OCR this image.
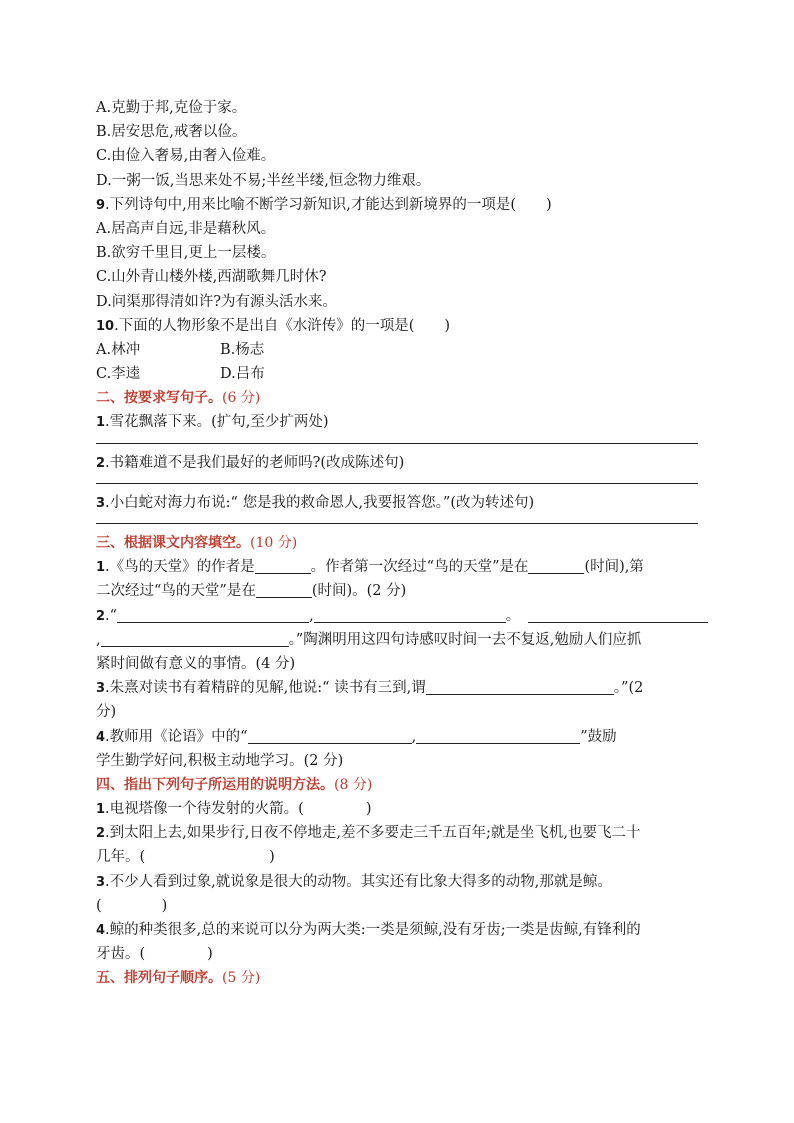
A.克勤于邦,克俭于家。
B.居安思危,戒奢以俭。
C.由俭入奢易,由奢入俭难。
D.一粥一饭,当思来处不易;半丝半缕,恒念物力维艰。
9.下列诗句中,用来比喻不断学习新知识,才能达到新境界的一项是( )
A.居高声自远,非是藉秋风。
B.欲穷千里目,更上一层楼。
C.山外青山楼外楼,西湖歌舞几时休?
D.问渠那得清如许?为有源头活水来。
10.下面的人物形象不是出自《水浒传》的一项是( )
A.林冲	B.杨志
C.李逵	D.吕布
二、按要求写句子。(6 分)
1.雪花飘落下来。(扩句,至少扩两处)
2.书籍难道不是我们最好的老师吗?(改成陈述句)
3.小白蛇对海力布说:“ 您是我的救命恩人,我要报答您。”(改为转述句)
三、根据课文内容填空。(10 分)
1.《鸟的天堂》的作者是	。作者第一次经过“鸟的天堂”是在	(时间),第
二次经过“鸟的天堂”是在	(时间)。(2 分)
2.“	,	。
,	。”陶渊明用这四句诗感叹时间一去不复返,勉励人们应抓
紧时间做有意义的事情。(4 分)
3.朱熹对读书有着精辟的见解,他说:“ 读书有三到,谓	。”(2
分)
4.教师用《论语》中的“	,	”鼓励
学生勤学好问,积极主动地学习。(2 分)
四、指出下列句子所运用的说明方法。(8 分)
1.电视塔像一个待发射的火箭。(	)
2.到太阳上去,如果步行,日夜不停地走,差不多要走三千五百年;就是坐飞机,也要飞二十
几年。(	)
3.不少人看到过象,就说象是很大的动物。其实还有比象大得多的动物,那就是鲸。
(	)
4.鲸的种类很多,总的来说可以分为两大类:一类是须鲸,没有牙齿;一类是齿鲸,有锋利的
牙齿。(	)
五、排列句子顺序。(5 分)
